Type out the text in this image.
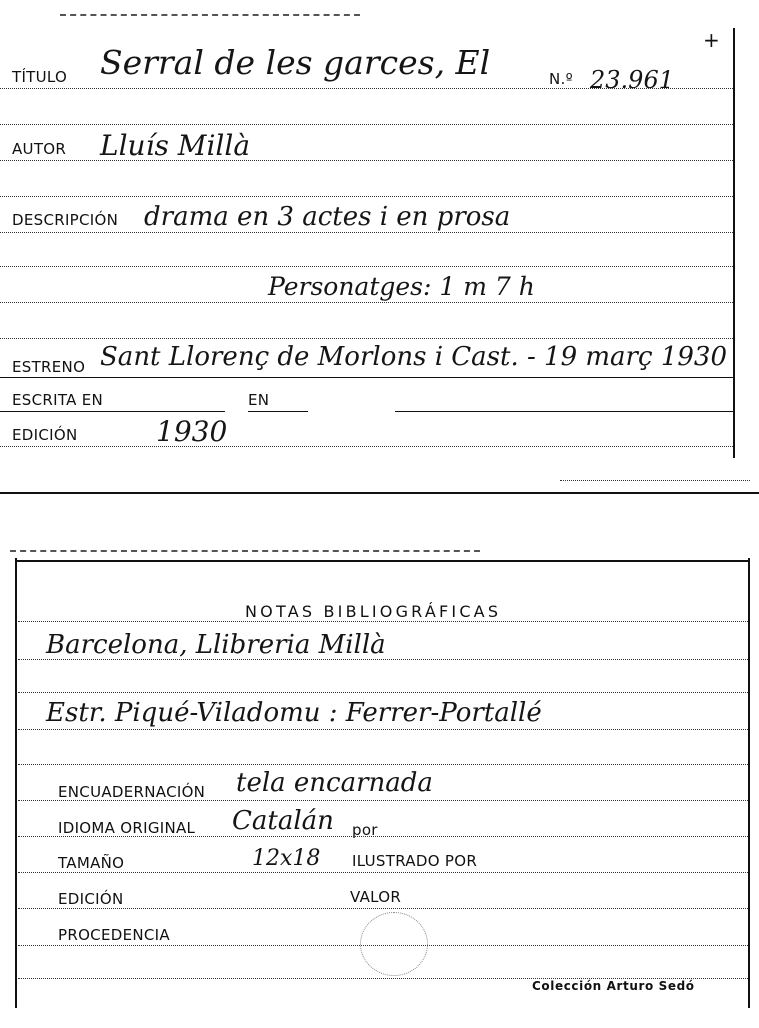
+
TÍTULO Serral de les garces, El	N.º 23.961
AUTOR Lluís Millà
DESCRIPCIÓN drama en 3 actes i en prosa
Personatges: 1 m 7 h
ESTRENO Sant Llorenç de Morlons i Cast. - 19 març 1930
ESCRITA EN	EN
EDICIÓN	1930
NOTAS BIBLIOGRÁFICAS
Barcelona, Llibreria Millà
Estr. Piqué-Viladomu : Ferrer-Portallé
ENCUADERNACIÓN tela encarnada
IDIOMA ORIGINAL Catalán por
TAMAÑO	12x18 ILUSTRADO POR
EDICIÓN	VALOR
PROCEDENCIA
Colección Arturo Sedó
